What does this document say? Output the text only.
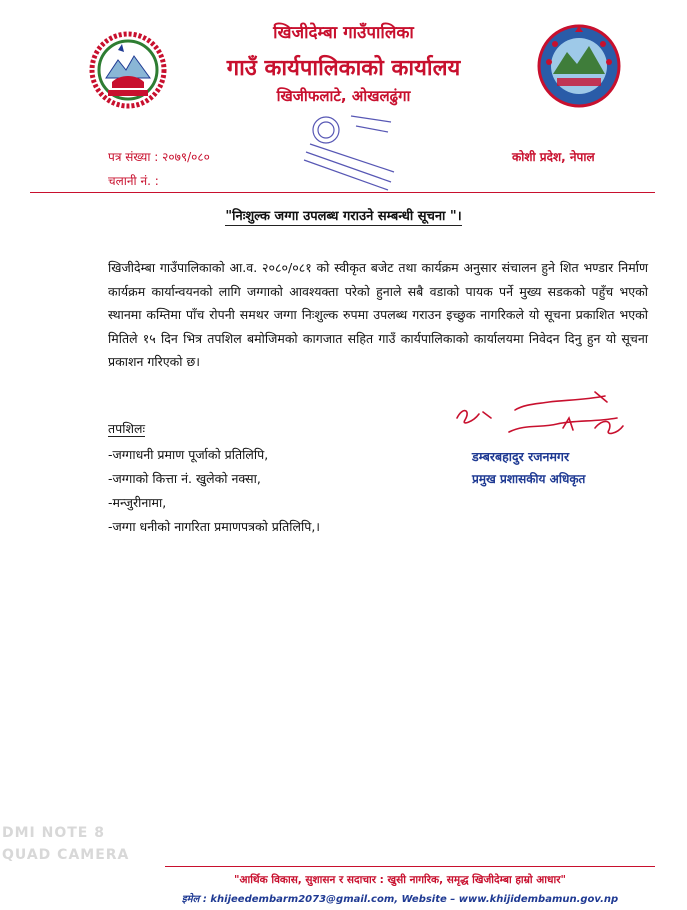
खिजीदेम्बा गाउँपालिका
गाउँ कार्यपालिकाको कार्यालय
खिजीफलाटे, ओखलढुंगा
पत्र संख्या : २०७९/०८०
चलानी नं. :
कोशी प्रदेश, नेपाल
"निःशुल्क जग्गा उपलब्ध गराउने सम्बन्धी सूचना "।
खिजीदेम्बा गाउँपालिकाको आ.व. २०८०/०८१ को स्वीकृत बजेट तथा कार्यक्रम अनुसार संचालन हुने शित भण्डार निर्माण कार्यक्रम कार्यान्वयनको लागि जग्गाको आवश्यक्ता परेको हुनाले सबै वडाको पायक पर्ने मुख्य सडकको पहुँच भएको स्थानमा कम्तिमा पाँच रोपनी समथर जग्गा निःशुल्क रुपमा उपलब्ध गराउन इच्छुक नागरिकले यो सूचना प्रकाशित भएको मितिले १५ दिन भित्र तपशिल बमोजिमको कागजात सहित गाउँ कार्यपालिकाको कार्यालयमा निवेदन दिनु हुन यो सूचना प्रकाशन गरिएको छ।
तपशिलः
-जग्गाधनी प्रमाण पूर्जाको प्रतिलिपि,
-जग्गाको कित्ता नं. खुलेको नक्सा,
-मन्जुरीनामा,
-जग्गा धनीको नागरिता प्रमाणपत्रको प्रतिलिपि,।
डम्बरबहादुर रजनमगर
प्रमुख प्रशासकीय अधिकृत
DMI NOTE 8
QUAD CAMERA
"आर्थिक विकास, सुशासन र सदाचार : खुसी नागरिक, समृद्ध खिजीदेम्बा हाम्रो आधार"
इमेल : khijeedembarm2073@gmail.com, Website – www.khijidembamun.gov.np
